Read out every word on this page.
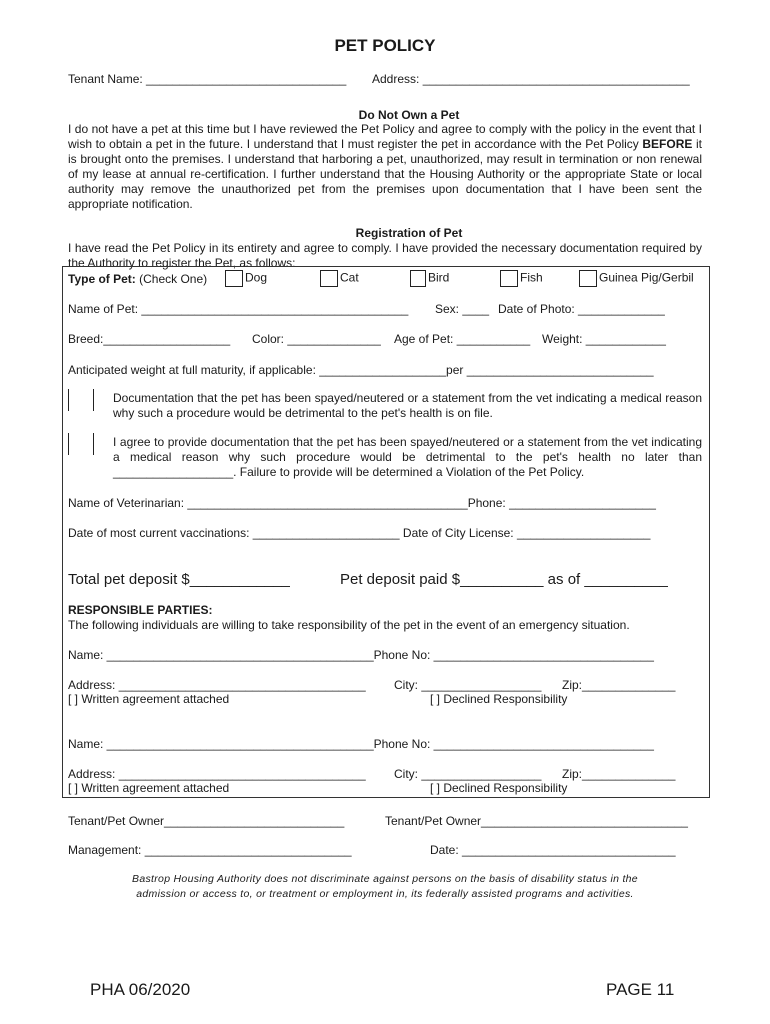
PET POLICY
Tenant Name: ______________________________ Address: ________________________________________
Do Not Own a Pet
I do not have a pet at this time but I have reviewed the Pet Policy and agree to comply with the policy in the event that I wish to obtain a pet in the future. I understand that I must register the pet in accordance with the Pet Policy BEFORE it is brought onto the premises. I understand that harboring a pet, unauthorized, may result in termination or non renewal of my lease at annual re-certification. I further understand that the Housing Authority or the appropriate State or local authority may remove the unauthorized pet from the premises upon documentation that I have been sent the appropriate notification.
Registration of Pet
I have read the Pet Policy in its entirety and agree to comply. I have provided the necessary documentation required by the Authority to register the Pet, as follows:
Type of Pet: (Check One)	Dog	Cat	Bird	Fish	Guinea Pig/Gerbil
Name of Pet: ________________________________________ Sex: ____ Date of Photo: _____________
Breed:___________________ Color: ______________ Age of Pet: ___________ Weight: ____________
Anticipated weight at full maturity, if applicable: ___________________per ____________________________
Documentation that the pet has been spayed/neutered or a statement from the vet indicating a medical reason why such a procedure would be detrimental to the pet's health is on file.
I agree to provide documentation that the pet has been spayed/neutered or a statement from the vet indicating a medical reason why such procedure would be detrimental to the pet's health no later than __________________. Failure to provide will be determined a Violation of the Pet Policy.
Name of Veterinarian: __________________________________________Phone: ______________________
Date of most current vaccinations: ______________________ Date of City License: ____________________
Total pet deposit $____________	Pet deposit paid $__________ as of __________
RESPONSIBLE PARTIES:
The following individuals are willing to take responsibility of the pet in the event of an emergency situation.
Name: ________________________________________Phone No: _________________________________
Address: _____________________________________ City: __________________ Zip:______________
[ ] Written agreement attached	[ ] Declined Responsibility
Name: ________________________________________Phone No: _________________________________
Address: _____________________________________ City: __________________ Zip:______________
[ ] Written agreement attached	[ ] Declined Responsibility
Tenant/Pet Owner___________________________	Tenant/Pet Owner_______________________________
Management: _______________________________	Date: ________________________________
Bastrop Housing Authority does not discriminate against persons on the basis of disability status in the
admission or access to, or treatment or employment in, its federally assisted programs and activities.
PHA 06/2020	PAGE 11
